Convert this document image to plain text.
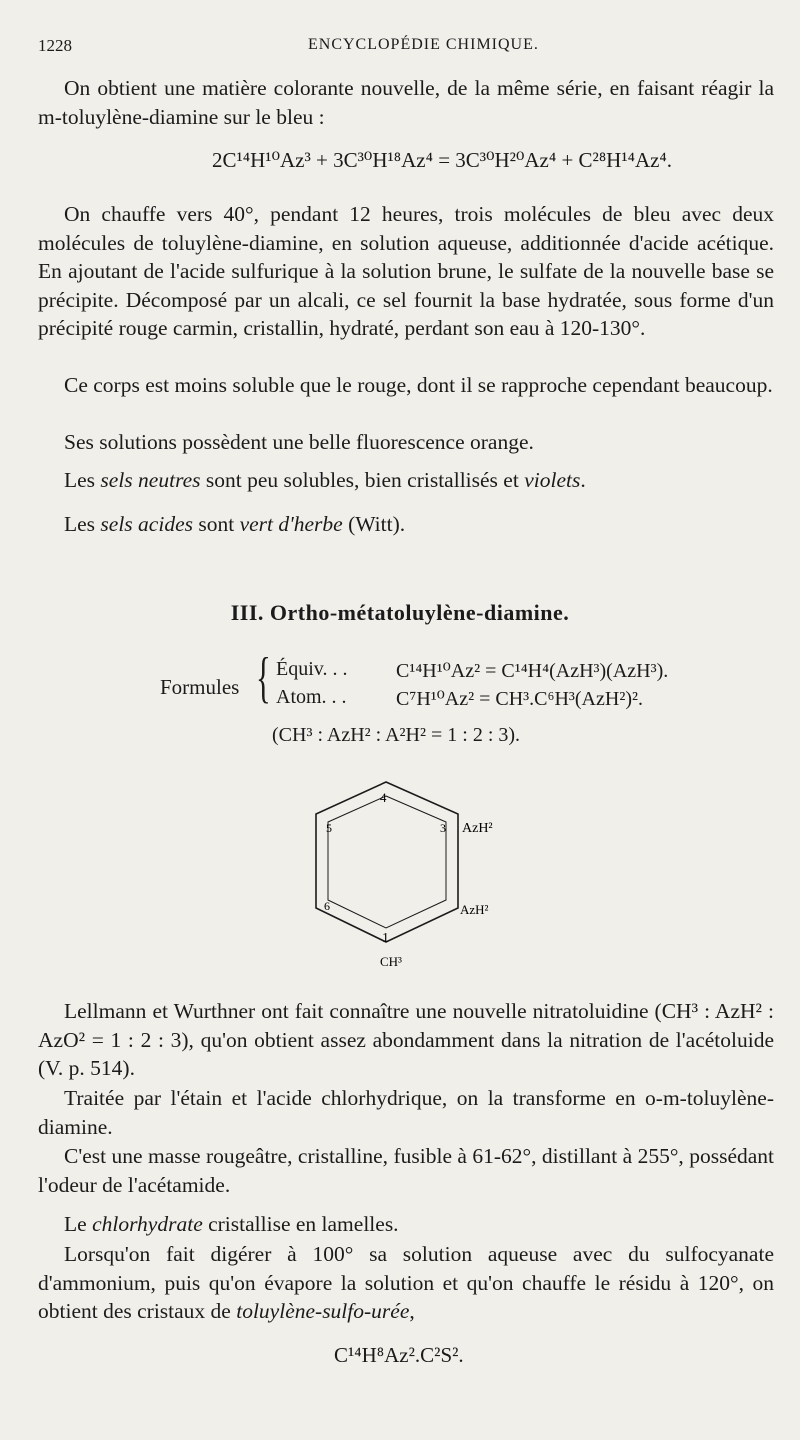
1228	ENCYCLOPÉDIE CHIMIQUE.
On obtient une matière colorante nouvelle, de la même série, en faisant réagir la m-toluylène-diamine sur le bleu :
2C¹⁴H¹⁰Az³ + 3C³⁰H¹⁸Az⁴ = 3C³⁰H²⁰Az⁴ + C²⁸H¹⁴Az⁴.
On chauffe vers 40°, pendant 12 heures, trois molécules de bleu avec deux molécules de toluylène-diamine, en solution aqueuse, additionnée d'acide acétique. En ajoutant de l'acide sulfurique à la solution brune, le sulfate de la nouvelle base se précipite. Décomposé par un alcali, ce sel fournit la base hydratée, sous forme d'un précipité rouge carmin, cristallin, hydraté, perdant son eau à 120-130°.
Ce corps est moins soluble que le rouge, dont il se rapproche cependant beaucoup.
Ses solutions possèdent une belle fluorescence orange.
Les sels neutres sont peu solubles, bien cristallisés et violets.
Les sels acides sont vert d'herbe (Witt).
III. Ortho-métatoluylène-diamine.
Formules { Équiv. . . C¹⁴H¹⁰Az² = C¹⁴H⁴(AzH³)(AzH³).
Atom. . . C⁷H¹⁰Az² = CH³.C⁶H³(AzH²)².
(CH³ : AzH² : A²H² = 1 : 2 : 3).
4
3
5
6
1
AzH²
AzH²
CH³
Lellmann et Wurthner ont fait connaître une nouvelle nitratoluidine (CH³ : AzH² : AzO² = 1 : 2 : 3), qu'on obtient assez abondamment dans la nitration de l'acétoluide (V. p. 514).
Traitée par l'étain et l'acide chlorhydrique, on la transforme en o-m-toluylène-diamine.
C'est une masse rougeâtre, cristalline, fusible à 61-62°, distillant à 255°, possédant l'odeur de l'acétamide.
Le chlorhydrate cristallise en lamelles.
Lorsqu'on fait digérer à 100° sa solution aqueuse avec du sulfocyanate d'ammonium, puis qu'on évapore la solution et qu'on chauffe le résidu à 120°, on obtient des cristaux de toluylène-sulfo-urée,
C¹⁴H⁸Az².C²S².
